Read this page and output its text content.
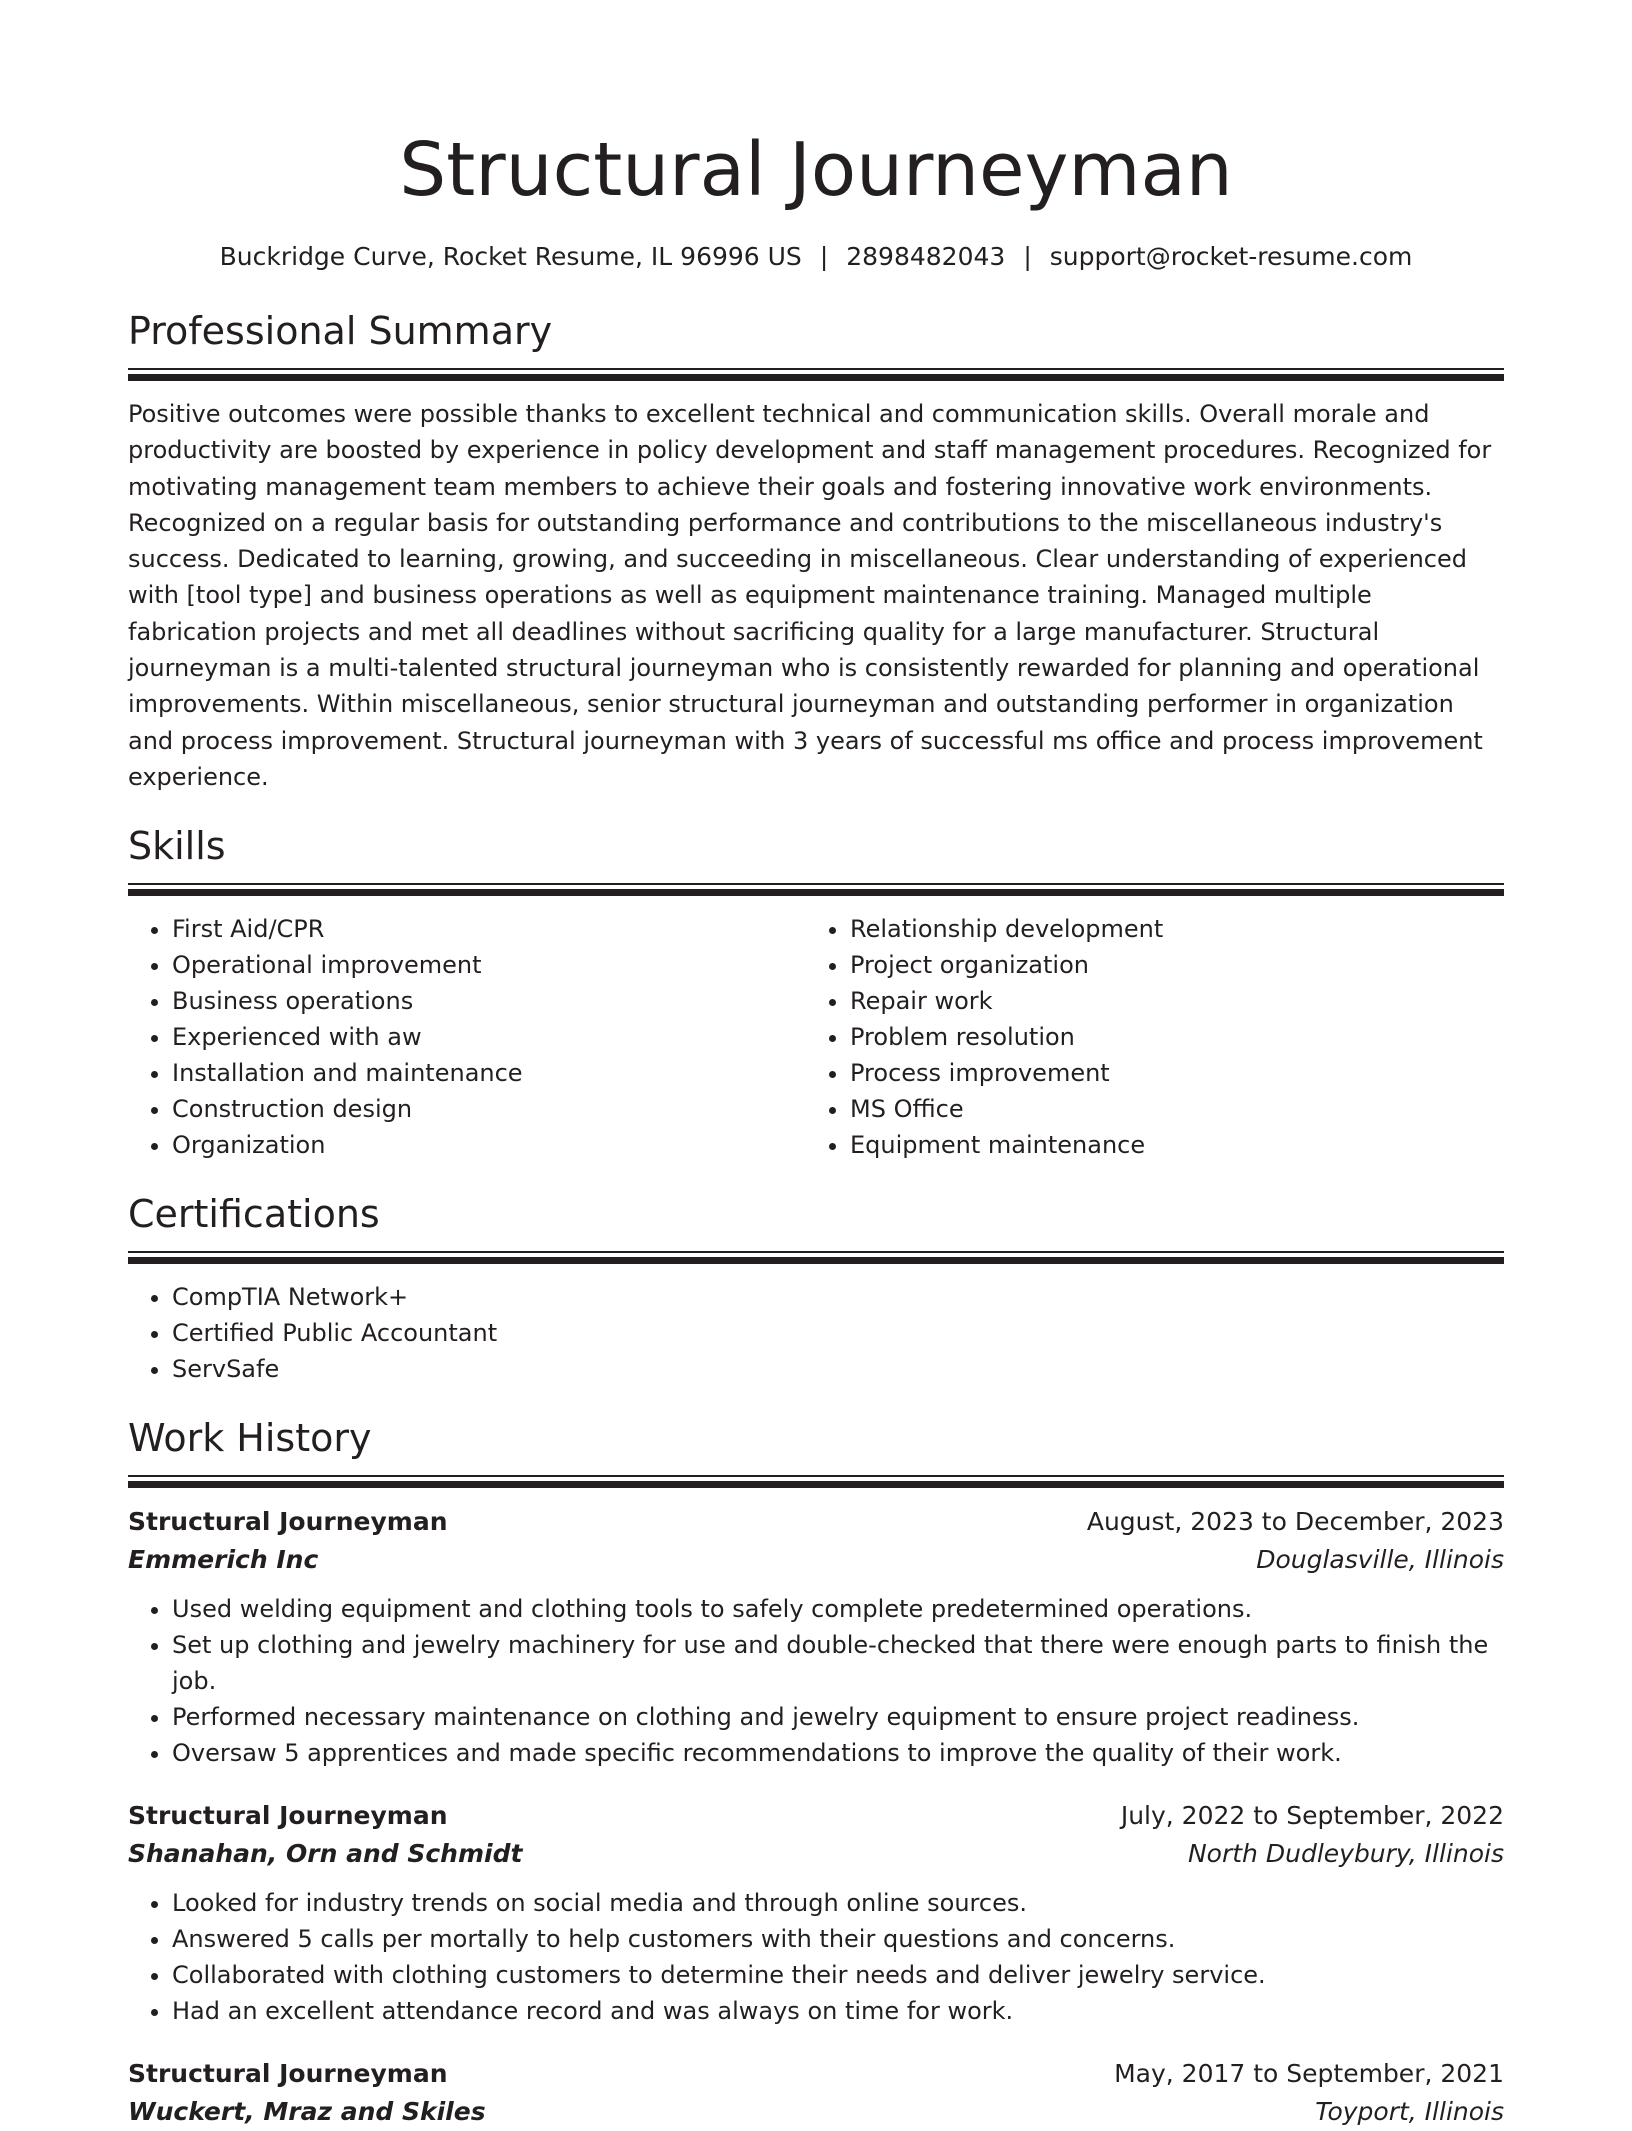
Structural Journeyman
Buckridge Curve, Rocket Resume, IL 96996 US | 2898482043 | support@rocket-resume.com
Professional Summary
Positive outcomes were possible thanks to excellent technical and communication skills. Overall morale and productivity are boosted by experience in policy development and staff management procedures. Recognized for motivating management team members to achieve their goals and fostering innovative work environments. Recognized on a regular basis for outstanding performance and contributions to the miscellaneous industry's success. Dedicated to learning, growing, and succeeding in miscellaneous. Clear understanding of experienced with [tool type] and business operations as well as equipment maintenance training. Managed multiple fabrication projects and met all deadlines without sacrificing quality for a large manufacturer. Structural journeyman is a multi-talented structural journeyman who is consistently rewarded for planning and operational improvements. Within miscellaneous, senior structural journeyman and outstanding performer in organization and process improvement. Structural journeyman with 3 years of successful ms office and process improvement experience.
Skills
• First Aid/CPR
• Operational improvement
• Business operations
• Experienced with aw
• Installation and maintenance
• Construction design
• Organization
• Relationship development
• Project organization
• Repair work
• Problem resolution
• Process improvement
• MS Office
• Equipment maintenance
Certifications
• CompTIA Network+
• Certified Public Accountant
• ServSafe
Work History
Structural Journeyman	August, 2023 to December, 2023
Emmerich Inc	Douglasville, Illinois
• Used welding equipment and clothing tools to safely complete predetermined operations.
• Set up clothing and jewelry machinery for use and double-checked that there were enough parts to finish the job.
• Performed necessary maintenance on clothing and jewelry equipment to ensure project readiness.
• Oversaw 5 apprentices and made specific recommendations to improve the quality of their work.
Structural Journeyman	July, 2022 to September, 2022
Shanahan, Orn and Schmidt	North Dudleybury, Illinois
• Looked for industry trends on social media and through online sources.
• Answered 5 calls per mortally to help customers with their questions and concerns.
• Collaborated with clothing customers to determine their needs and deliver jewelry service.
• Had an excellent attendance record and was always on time for work.
Structural Journeyman	May, 2017 to September, 2021
Wuckert, Mraz and Skiles	Toyport, Illinois
